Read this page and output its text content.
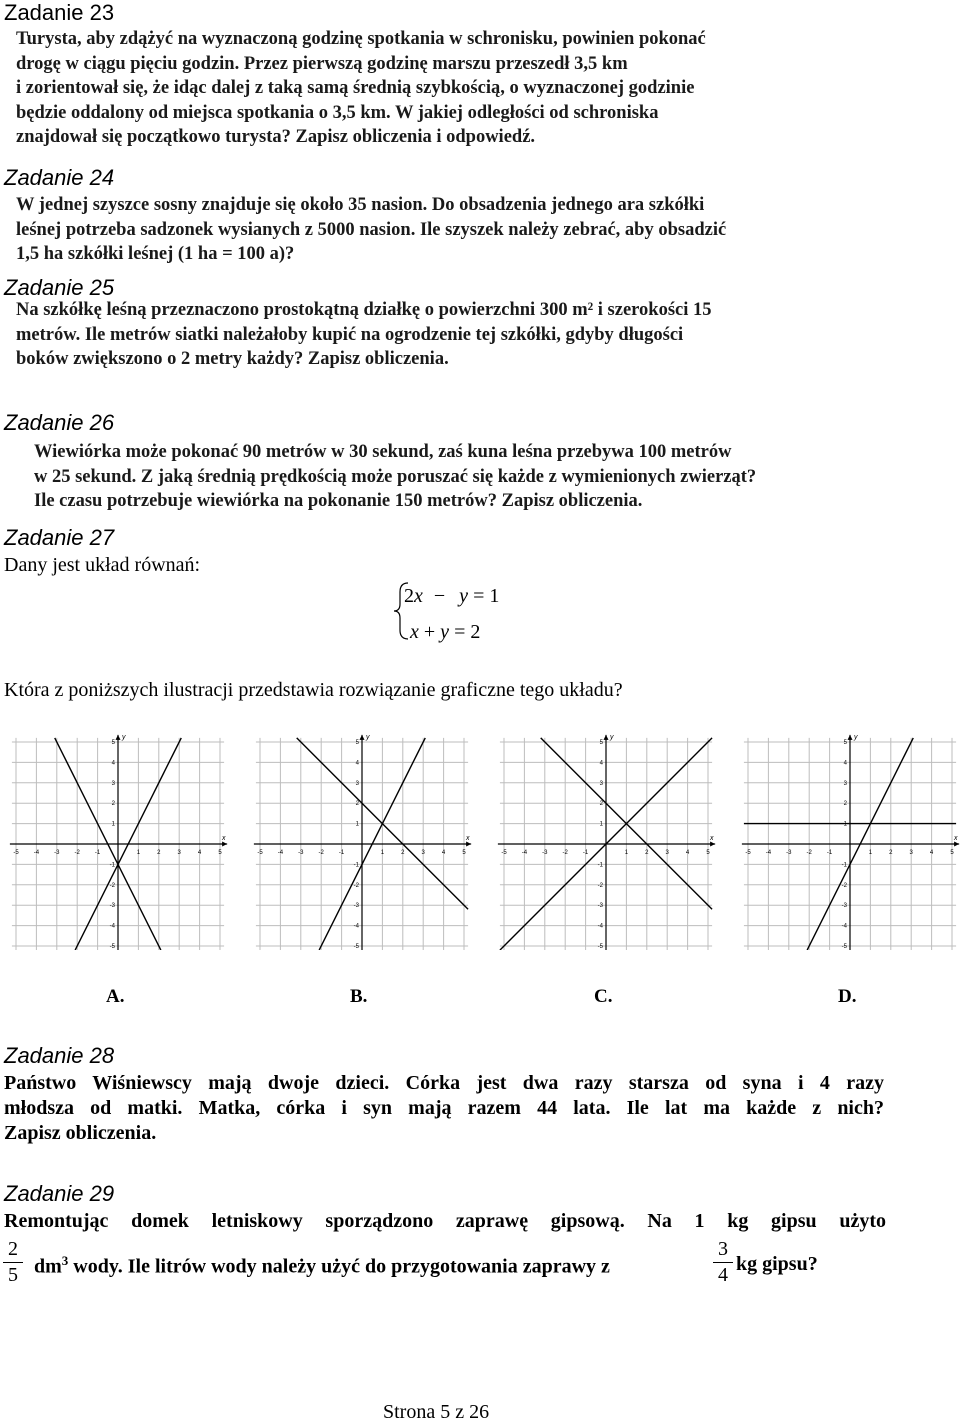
Zadanie 23
Turysta, aby zdążyć na wyznaczoną godzinę spotkania w schronisku, powinien pokonać
drogę w ciągu pięciu godzin. Przez pierwszą godzinę marszu przeszedł 3,5 km
i zorientował się, że idąc dalej z taką samą średnią szybkością, o wyznaczonej godzinie
będzie oddalony od miejsca spotkania o 3,5 km. W jakiej odległości od schroniska
znajdował się początkowo turysta? Zapisz obliczenia i odpowiedź.
Zadanie 24
W jednej szyszce sosny znajduje się około 35 nasion. Do obsadzenia jednego ara szkółki
leśnej potrzeba sadzonek wysianych z 5000 nasion. Ile szyszek należy zebrać, aby obsadzić
1,5 ha szkółki leśnej (1 ha = 100 a)?
Zadanie 25
Na szkółkę leśną przeznaczono prostokątną działkę o powierzchni 300 m² i szerokości 15
metrów. Ile metrów siatki należałoby kupić na ogrodzenie tej szkółki, gdyby długości
boków zwiększono o 2 metry każdy? Zapisz obliczenia.
Zadanie 26
Wiewiórka może pokonać 90 metrów w 30 sekund, zaś kuna leśna przebywa 100 metrów
w 25 sekund. Z jaką średnią prędkością może poruszać się każde z wymienionych zwierząt?
Ile czasu potrzebuje wiewiórka na pokonanie 150 metrów? Zapisz obliczenia.
Zadanie 27
Dany jest układ równań:
2x − y = 1
x + y = 2
Która z poniższych ilustracji przedstawia rozwiązanie graficzne tego układu?
x
y
-5
-5
-4
-4
-3
-3
-2
-2
-1
-1
1
1
2
2
3
3
4
4
5
5
x
y
-5
-5
-4
-4
-3
-3
-2
-2
-1
-1
1
1
2
2
3
3
4
4
5
5
x
y
-5
-5
-4
-4
-3
-3
-2
-2
-1
-1
1
1
2
2
3
3
4
4
5
5
x
y
-5
-5
-4
-4
-3
-3
-2
-2
-1
-1
1
1
2
2
3
3
4
4
5
5
A.	B.	C.	D.
Zadanie 28
Państwo Wiśniewscy mają dwoje dzieci. Córka jest dwa razy starsza od syna i 4 razy
młodsza od matki. Matka, córka i syn mają razem 44 lata. Ile lat ma każde z nich?
Zapisz obliczenia.
Zadanie 29
Remontując domek letniskowy sporządzono zaprawę gipsową. Na 1 kg gipsu użyto
2
5 $dm^3$ wody. Ile litrów wody należy użyć do przygotowania zaprawy z
3
4 kg gipsu?
Strona 5 z 26
